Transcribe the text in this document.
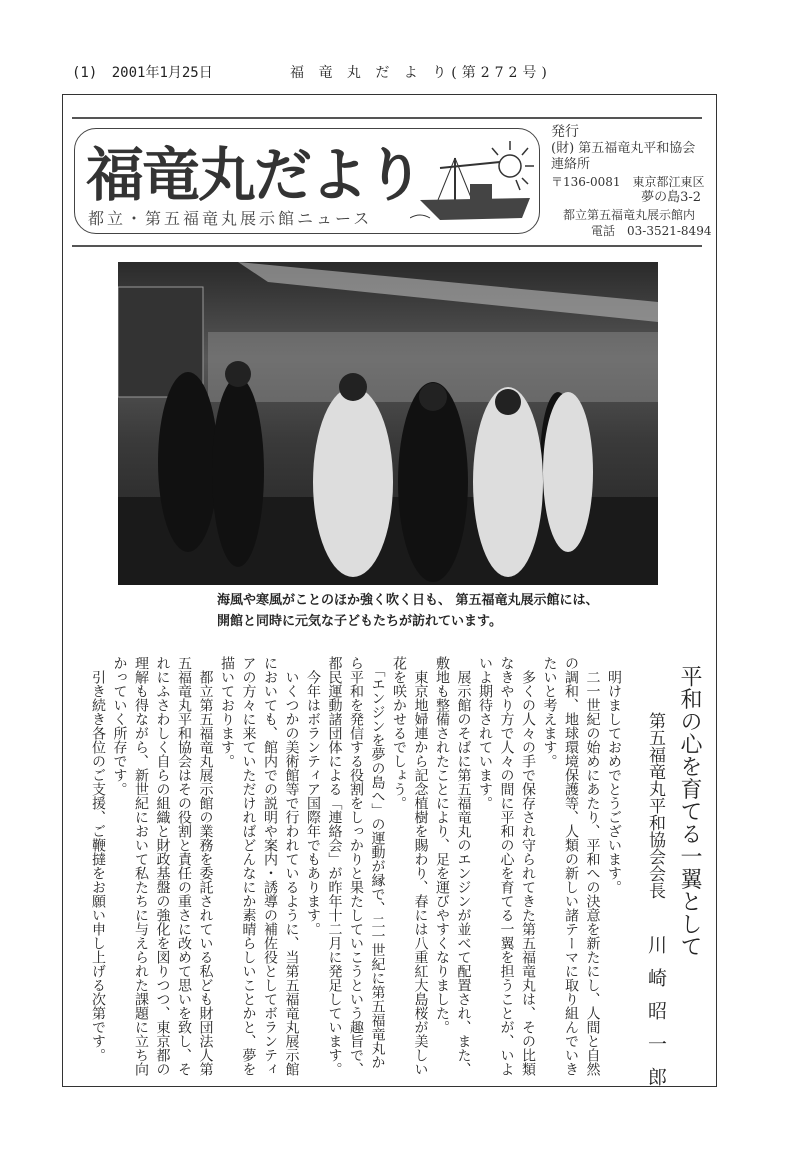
(1) 2001年1月25日	福 竜 丸 だ よ り(第272号)
福竜丸だより
都立・第五福竜丸展示館ニュース
発行
(財) 第五福竜丸平和協会
連絡所
〒136-0081　東京都江東区
夢の島3-2
都立第五福竜丸展示館内
電話　03-3521-8494
海風や寒風がことのほか強く吹く日も、 第五福竜丸展示館には、
開館と同時に元気な子どもたちが訪れています。
平和の心を育てる一翼として
第五福竜丸平和協会会長
川崎昭一郎
　明けましておめでとうございます。
　二一世紀の始めにあたり、平和への決意を新たにし、人間と自然
の調和、地球環境保護等、人類の新しい諸テーマに取り組んでいき
たいと考えます。
　多くの人々の手で保存され守られてきた第五福竜丸は、その比類
なきやり方で人々の間に平和の心を育てる一翼を担うことが、いよ
いよ期待されています。
　展示館のそばに第五福竜丸のエンジンが並べて配置され、また、
敷地も整備されたことにより、足を運びやすくなりました。
　東京地婦連から記念植樹を賜わり、春には八重紅大島桜が美しい
花を咲かせるでしょう。
　「エンジンを夢の島へ」の運動が縁で、二一世紀に第五福竜丸か
ら平和を発信する役割をしっかりと果たしていこうという趣旨で、
都民運動諸団体による「連絡会」が昨年十二月に発足しています。
　今年はボランティア国際年でもあります。
　いくつかの美術館等で行われているように、当第五福竜丸展示館
においても、館内での説明や案内・誘導の補佐役としてボランティ
アの方々に来ていただければどんなにか素晴らしいことかと、夢を
描いております。
　都立第五福竜丸展示館の業務を委託されている私ども財団法人第
五福竜丸平和協会はその役割と責任の重さに改めて思いを致し、そ
れにふさわしく自らの組織と財政基盤の強化を図りつつ、東京都の
理解も得ながら、新世紀において私たちに与えられた課題に立ち向
かっていく所存です。
　引き続き各位のご支援、ご鞭撻をお願い申し上げる次第です。
